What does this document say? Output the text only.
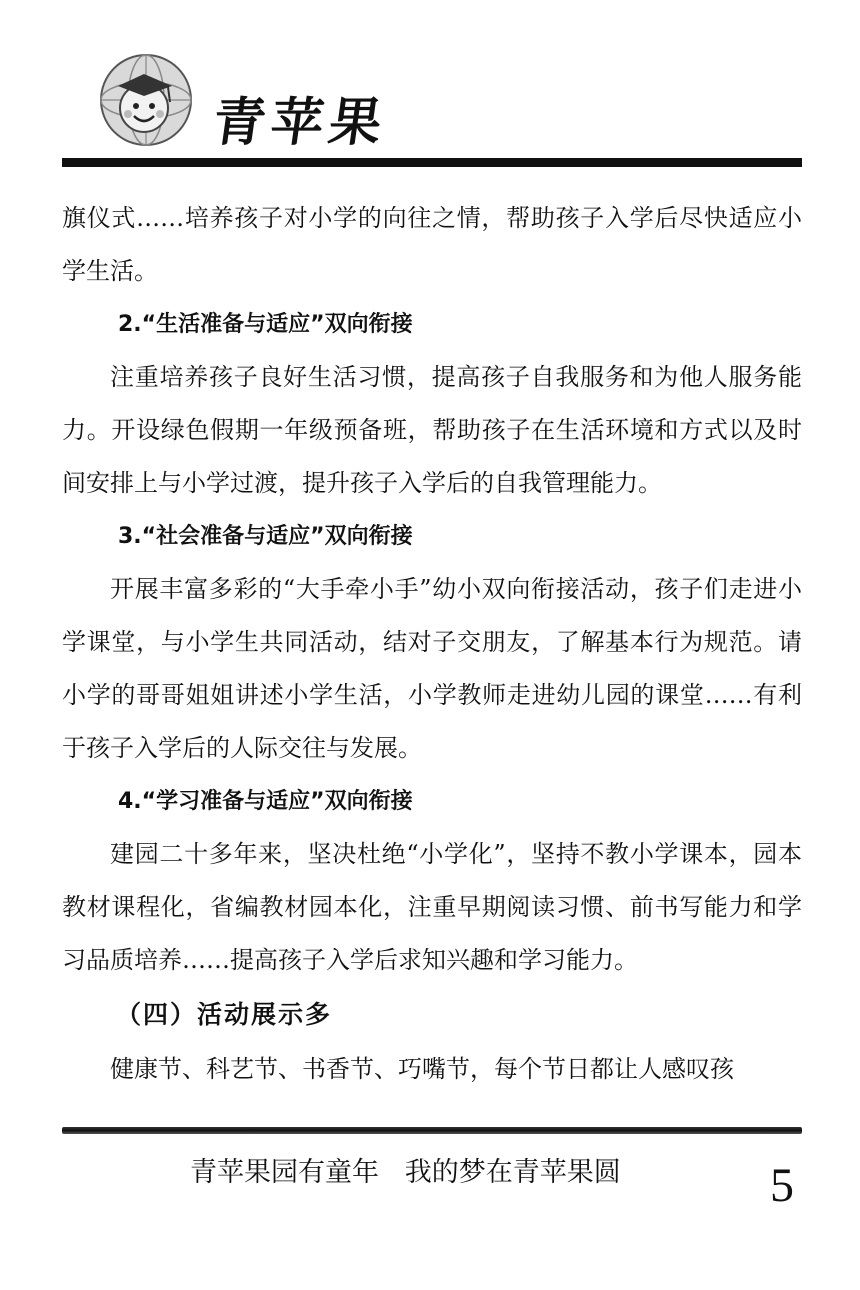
青苹果

旗仪式……培养孩子对小学的向往之情，帮助孩子入学后尽快适应小学生活。

2.“生活准备与适应”双向衔接

注重培养孩子良好生活习惯，提高孩子自我服务和为他人服务能力。开设绿色假期一年级预备班，帮助孩子在生活环境和方式以及时间安排上与小学过渡，提升孩子入学后的自我管理能力。

3.“社会准备与适应”双向衔接

开展丰富多彩的“大手牵小手”幼小双向衔接活动，孩子们走进小学课堂，与小学生共同活动，结对子交朋友，了解基本行为规范。请小学的哥哥姐姐讲述小学生活，小学教师走进幼儿园的课堂……有利于孩子入学后的人际交往与发展。

4.“学习准备与适应”双向衔接

建园二十多年来，坚决杜绝“小学化”，坚持不教小学课本，园本教材课程化，省编教材园本化，注重早期阅读习惯、前书写能力和学习品质培养……提高孩子入学后求知兴趣和学习能力。

（四）活动展示多

健康节、科艺节、书香节、巧嘴节，每个节日都让人感叹孩

青苹果园有童年   我的梦在青苹果圆	5
